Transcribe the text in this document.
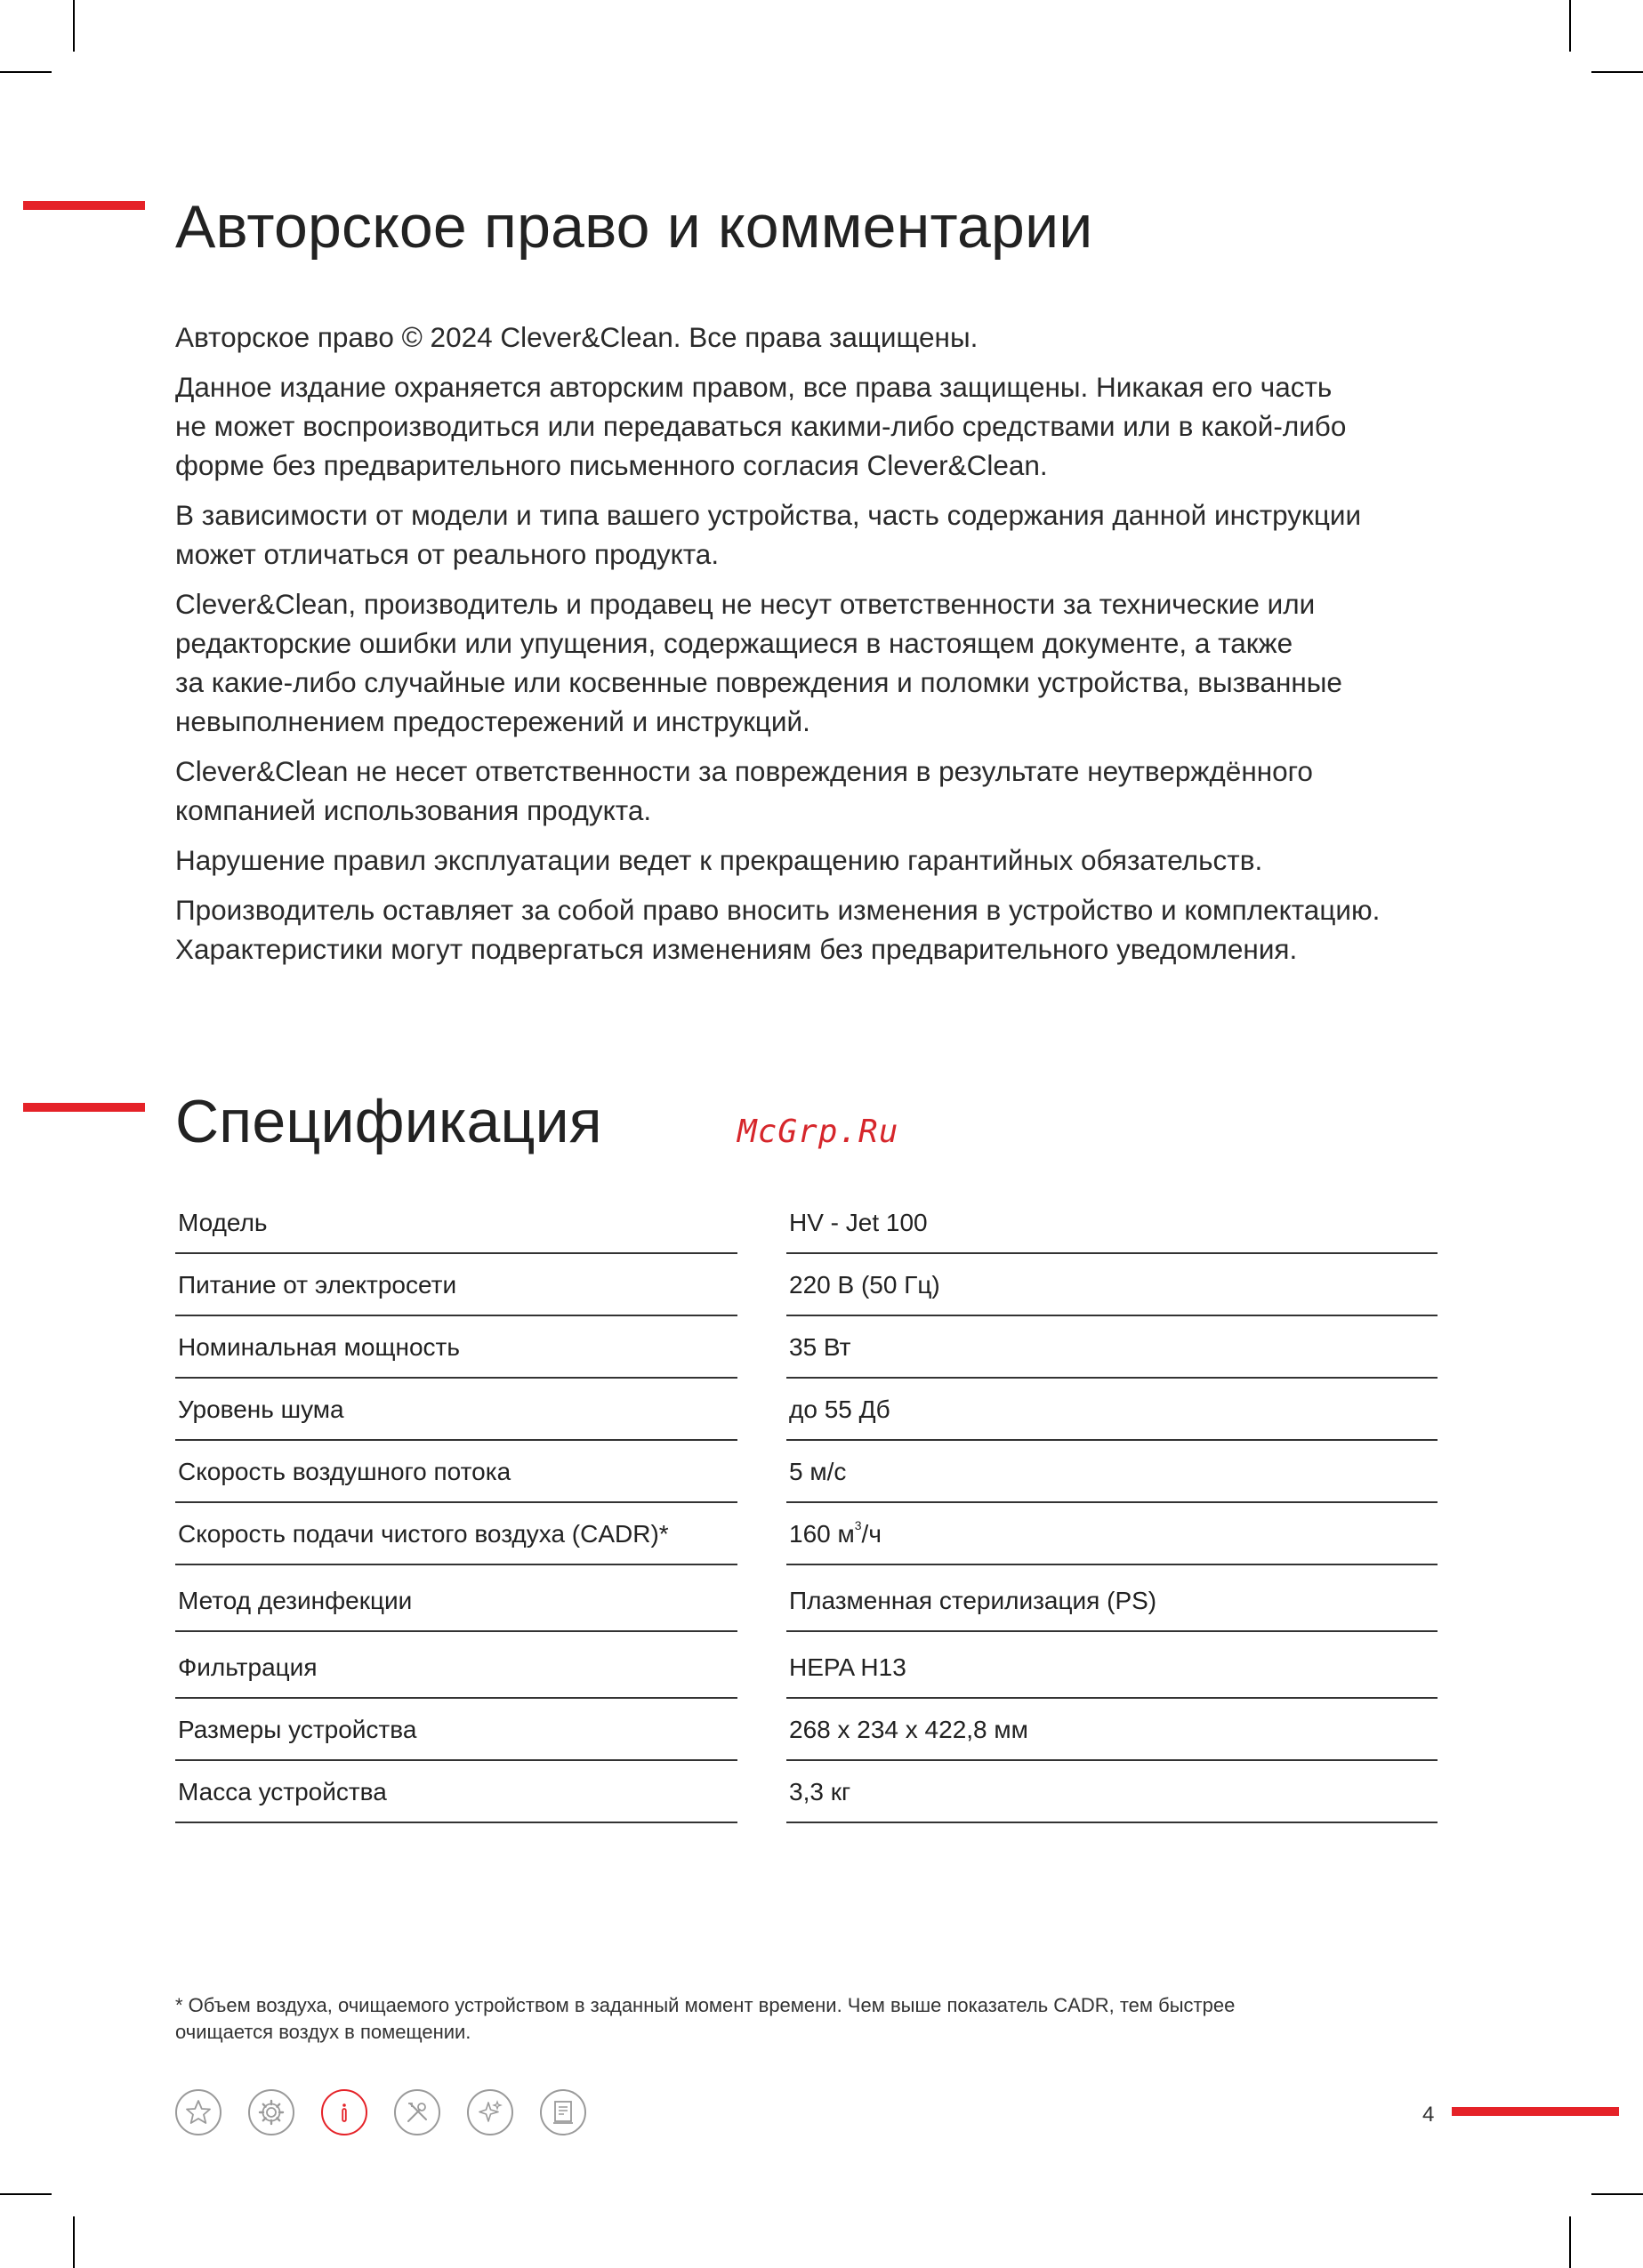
Авторское право и комментарии

Авторское право © 2024 Clever&Clean. Все права защищены.

Данное издание охраняется авторским правом, все права защищены. Никакая его часть
не может воспроизводиться или передаваться какими-либо средствами или в какой-либо
форме без предварительного письменного согласия Clever&Clean.

В зависимости от модели и типа вашего устройства, часть содержания данной инструкции
может отличаться от реального продукта.

Clever&Clean, производитель и продавец не несут ответственности за технические или
редакторские ошибки или упущения, содержащиеся в настоящем документе, а также
за какие-либо случайные или косвенные повреждения и поломки устройства, вызванные
невыполнением предостережений и инструкций.

Clever&Clean не несет ответственности за повреждения в результате неутверждённого
компанией использования продукта.

Нарушение правил эксплуатации ведет к прекращению гарантийных обязательств.

Производитель оставляет за собой право вносить изменения в устройство и комплектацию.
Характеристики могут подвергаться изменениям без предварительного уведомления.

Спецификация	McGrp.Ru
Модель
Питание от электросети
Номинальная мощность
Уровень шума
Скорость воздушного потока
Скорость подачи чистого воздуха (CADR)*
Метод дезинфекции
Фильтрация
Размеры устройства
Масса устройства
HV - Jet 100
220 В (50 Гц)
35 Вт
до 55 Дб
5 м/с
160 $м^3/ч$
Плазменная стерилизация (PS)
HEPA H13
268 x 234 x 422,8 мм
3,3 кг
* Объем воздуха, очищаемого устройством в заданный момент времени. Чем выше показатель CADR, тем быстрее
очищается воздух в помещении.
4
